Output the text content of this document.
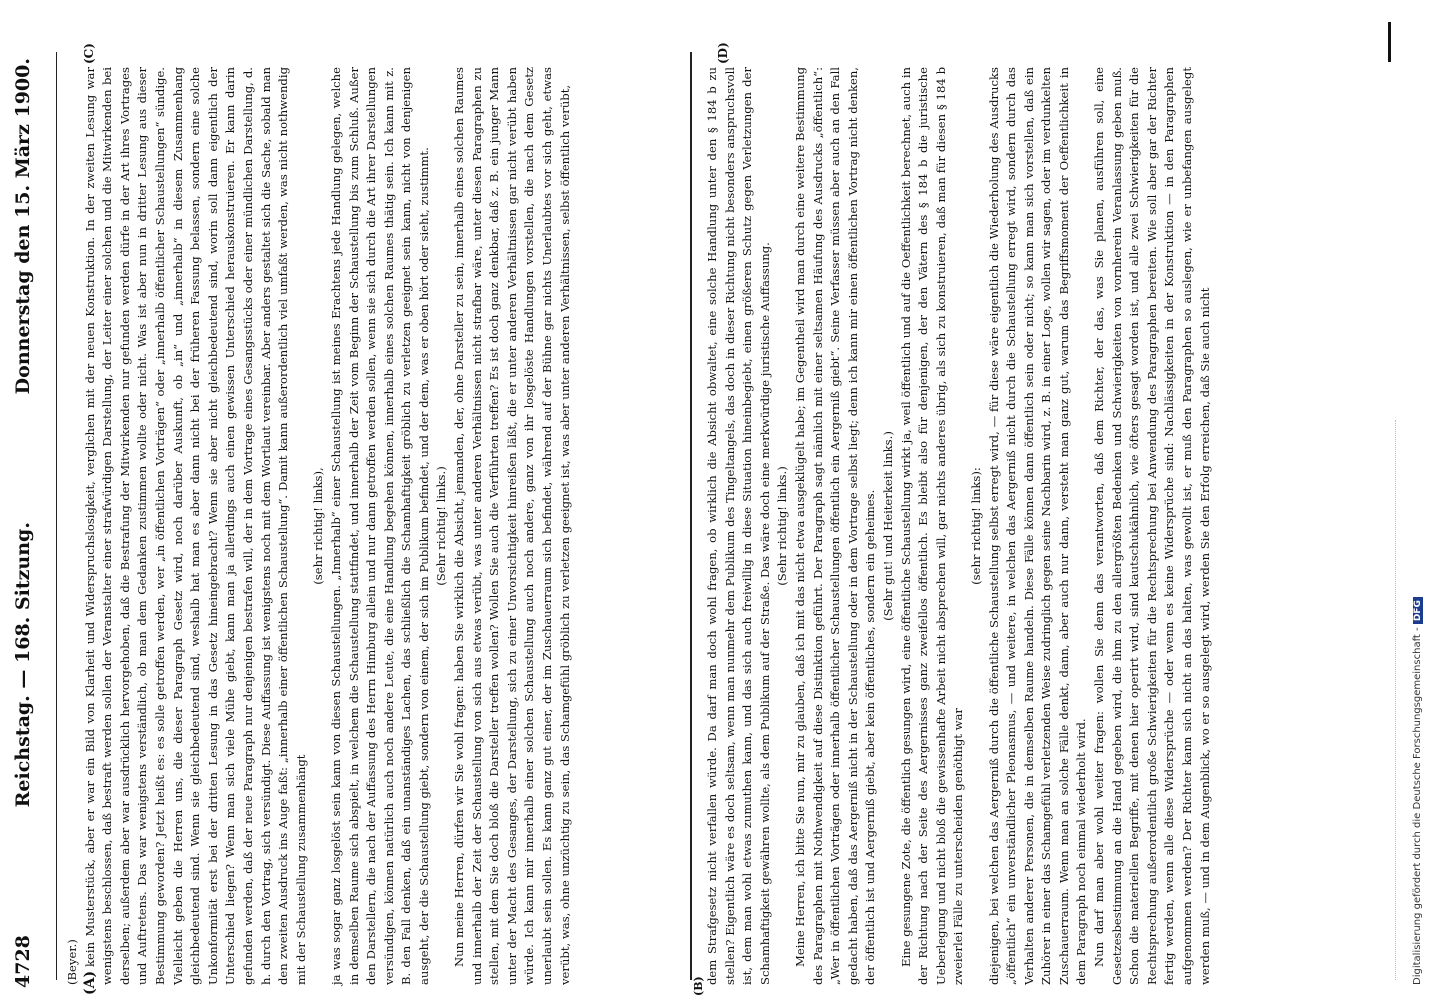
4728
Reichstag. — 168. Sitzung.
Donnerstag den 15. März 1900.

(Beyer.) kein Musterstück, aber er war ein Bild von Klarheit und Widerspruchslosigkeit, verglichen mit der neuen Konstruktion. In der zweiten Lesung war wenigstens beschlossen, daß bestraft werden sollen der Veranstalter einer strafwürdigen Darstellung, der Leiter einer solchen und die Mitwirkenden bei derselben; außerdem aber war ausdrücklich hervorgehoben, daß die Bestrafung der Mitwirkenden nur gefunden werden dürfe in der Art ihres Vortrages und Auftretens. Das war wenigstens verständlich, ob man dem Gedanken zustimmen wollte oder nicht. Was ist aber nun in dritter Lesung aus dieser Bestimmung geworden? Jetzt heißt es: es solle getroffen werden, wer „in öffentlichen Vorträgen“ oder „innerhalb öffentlicher Schaustellungen“ sündige. Vielleicht geben die Herren uns, die dieser Paragraph Gesetz wird, noch darüber Auskunft, ob „in“ und „innerhalb“ in diesem Zusammenhang gleichbedeutend sind. Wenn sie gleichbedeutend sind, weshalb hat man es aber dann nicht bei der früheren Fassung belassen, sondern eine solche Unkonformität erst bei der dritten Lesung in das Gesetz hineingebracht? Wenn sie aber nicht gleichbedeutend sind, worin soll dann eigentlich der Unterschied liegen? Wenn man sich viele Mühe giebt, kann man ja allerdings auch einen gewissen Unterschied herauskonstruieren. Er kann darin gefunden werden, daß der neue Paragraph nur denjenigen bestrafen will, der in dem Vortrage eines Gesangsstücks oder einer mündlichen Darstellung, d. h. durch den Vortrag, sich versündigt. Diese Auffassung ist wenigstens noch mit dem Wortlaut vereinbar. Aber anders gestaltet sich die Sache, sobald man den zweiten Ausdruck ins Auge faßt: „innerhalb einer öffentlichen Schaustellung“. Damit kann außerordentlich viel umfaßt werden, was nicht nothwendig mit der Schaustellung zusammenhängt

(sehr richtig! links), ja was sogar ganz losgelöst sein kann von diesen Schaustellungen. „Innerhalb“ einer Schaustellung ist meines Erachtens jede Handlung gelegen, welche in demselben Raume sich abspielt, in welchem die Schaustellung stattfindet, und innerhalb der Zeit vom Beginn der Schaustellung bis zum Schluß. Außer den Darstellern, die nach der Auffassung des Herrn Himburg allein und nur dann getroffen werden sollen, wenn sie sich durch die Art ihrer Darstellungen versündigen, können natürlich auch noch andere Leute, die eine Handlung begehen können, innerhalb eines solchen Raumes thätig sein. Ich kann mit z. B. den Fall denken, daß ein unanständiges Lachen, das schließlich die Schamhaftigkeit gröblich zu verletzen geeignet sein kann, nicht von denjenigen ausgeht, der die Schaustellung giebt, sondern von einem, der sich im Publikum befindet, und der dem, was er oben hört oder sieht, zustimmt. (Sehr richtig! links.) Nun meine Herren, dürfen wir Sie wohl fragen: haben Sie wirklich die Absicht, jemanden, der, ohne Darsteller zu sein, innerhalb eines solchen Raumes und innerhalb der Zeit der Schaustellung von sich aus etwas verübt, was unter anderen Verhältnissen nicht strafbar wäre, unter diesen Paragraphen zu stellen, mit dem Sie doch bloß die Darsteller treffen wollen? Wollen Sie auch die Verführten treffen? Es ist doch ganz denkbar, daß z. B. ein junger Mann unter der Macht des Gesanges, der Darstellung, sich zu einer Unvorsichtigkeit hinreißen läßt, die er unter anderen Verhältnissen gar nicht verübt haben würde. Ich kann mir innerhalb einer solchen Schaustellung auch noch andere, ganz von ihr losgelöste Handlungen vorstellen, die nach dem Gesetz unerlaubt sein sollen. Es kann ganz gut einer, der im Zuschauerraum sich befindet, während auf der Bühne gar nichts Unerlaubtes vor sich geht, etwas verübt, was, ohne unzüchtig zu sein, das Schamgefühl gröblich zu verletzen geeignet ist, was aber unter anderen Verhältnissen, selbst öffentlich verübt,	dem Strafgesetz nicht verfallen würde. Da darf man doch wohl fragen, ob wirklich die Absicht obwaltet, eine solche Handlung unter den § 184 b zu stellen? Eigentlich wäre es doch seltsam, wenn man nunmehr dem Publikum des Tingeltangels, das doch in dieser Richtung nicht besonders anspruchsvoll ist, dem man wohl etwas zumuthen kann, und das sich auch freiwillig in diese Situation hineinbegiebt, einen größeren Schutz gegen Verletzungen der Schamhaftigkeit gewähren wollte, als dem Publikum auf der Straße. Das wäre doch eine merkwürdige juristische Auffassung. (Sehr richtig! links.) Meine Herren, ich bitte Sie nun, mir zu glauben, daß ich mit das nicht etwa ausgeklügelt habe; im Gegentheil wird man durch eine weitere Bestimmung des Paragraphen mit Nothwendigkeit auf diese Distinktion geführt. Der Paragraph sagt nämlich mit einer seltsamen Häufung des Ausdrucks „öffentlich“: „Wer in öffentlichen Vorträgen oder innerhalb öffentlicher Schaustellungen öffentlich ein Aergerniß giebt“. Seine Verfasser müssen aber auch an den Fall gedacht haben, daß das Aergerniß nicht in der Schaustellung oder in dem Vortrage selbst liegt; denn ich kann mir einen öffentlichen Vortrag nicht denken, der öffentlich ist und Aergerniß giebt, aber kein öffentliches, sondern ein geheimes. (Sehr gut! und Heiterkeit links.) Eine gesungene Zote, die öffentlich gesungen wird, eine öffentliche Schaustellung wirkt ja, weil öffentlich und auf die Oeffentlichkeit berechnet, auch in der Richtung nach der Seite des Aergernisses ganz zweifellos öffentlich. Es bleibt also für denjenigen, der den Vätern des § 184 b die juristische Ueberlegung und nicht bloß die gewissenhafte Arbeit nicht absprechen will, gar nichts anderes übrig, als sich zu konstruieren, daß man für diesen § 184 b zweierlei Fälle zu unterscheiden genöthigt war

(sehr richtig! links): diejenigen, bei welchen das Aergerniß durch die öffentliche Schaustellung selbst erregt wird, — für diese wäre eigentlich die Wiederholung des Ausdrucks „öffentlich“ ein unverständlicher Pleonasmus, — und weitere, in welchen das Aergerniß nicht durch die Schaustellung erregt wird, sondern durch das Verhalten anderer Personen, die in demselben Raume handeln. Diese Fälle können dann öffentlich sein oder nicht; so kann man sich vorstellen, daß ein Zuhörer in einer das Schamgefühl verletzenden Weise zudringlich gegen seine Nachbarin wird, z. B. in einer Loge, wollen wir sagen, oder im verdunkelten Zuschauerraum. Wenn man an solche Fälle denkt, dann, aber auch nur dann, versteht man ganz gut, warum das Begriffsmoment der Oeffentlichkeit in dem Paragraph noch einmal wiederholt wird. Nun darf man aber wohl weiter fragen: wollen Sie denn das verantworten, daß dem Richter, der das, was Sie planen, ausführen soll, eine Gesetzesbestimmung an die Hand gegeben wird, die ihm zu den allergrößten Bedenken und Schwierigkeiten von vornherein Veranlassung geben muß. Schon die materiellen Begriffe, mit denen hier operirt wird, sind kautschukähnlich, wie öfters gesagt worden ist, und alle zwei Schwierigkeiten für die Rechtsprechung außerordentlich große Schwierigkeiten für die Rechtsprechung bei Anwendung des Paragraphen bereiten. Wie soll aber gar der Richter fertig werden, wenn alle diese Widersprüche — oder wenn es keine Widersprüche sind: Nachlässigkeiten in der Konstruktion — in den Paragraphen aufgenommen werden? Der Richter kann sich nicht an das halten, was gewollt ist, er muß den Paragraphen so auslegen, wie er unbefangen ausgelegt werden muß, — und in dem Augenblick, wo er so ausgelegt wird, werden Sie den Erfolg erreichen, daß Sie auch nicht

(A)	(B)
(C)	(D)
Digitalisierung gefördert durch die Deutsche Forschungsgemeinschaft - DFG
